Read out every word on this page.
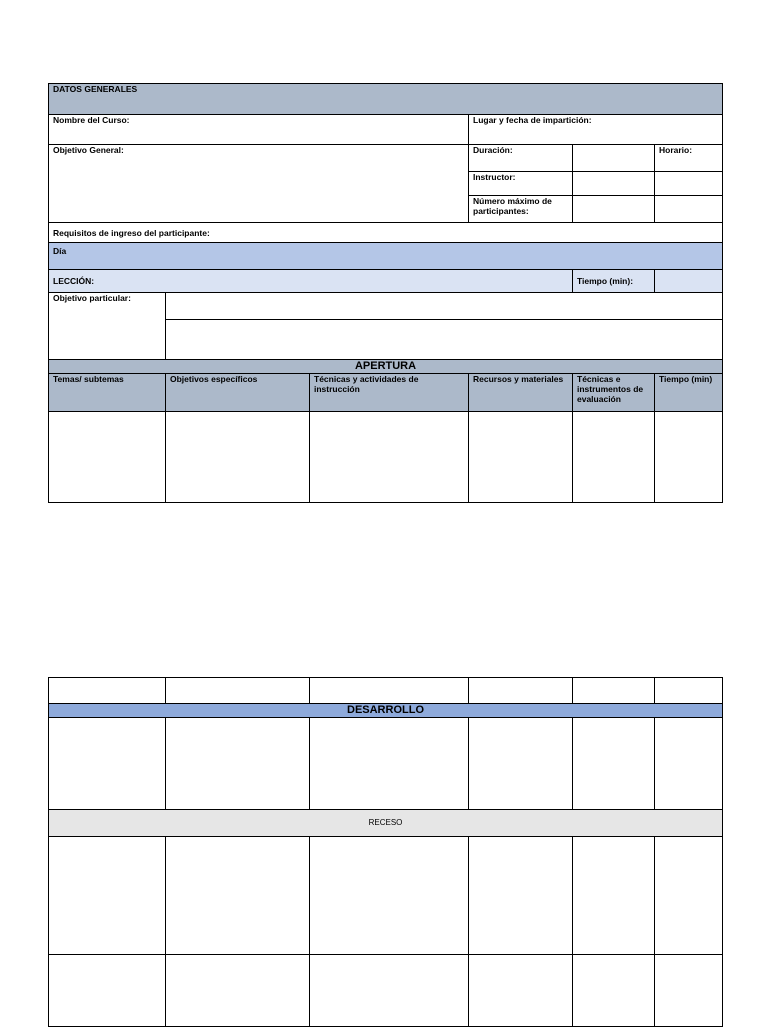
DATOS GENERALES					
Nombre del Curso:			Lugar y fecha de impartición:		
Objetivo General:			Duración:		Horario:
			Instructor:		
			Número máximo de participantes:		
Requisitos de ingreso del participante:					
Día					
LECCIÓN:				Tiempo (min):	
Objetivo particular:					

APERTURA					
Temas/ subtemas	Objetivos específicos	Técnicas y actividades de instrucción	Recursos y materiales	Técnicas e instrumentos de evaluación	Tiempo (min)

DESARROLLO					

RECESO					
